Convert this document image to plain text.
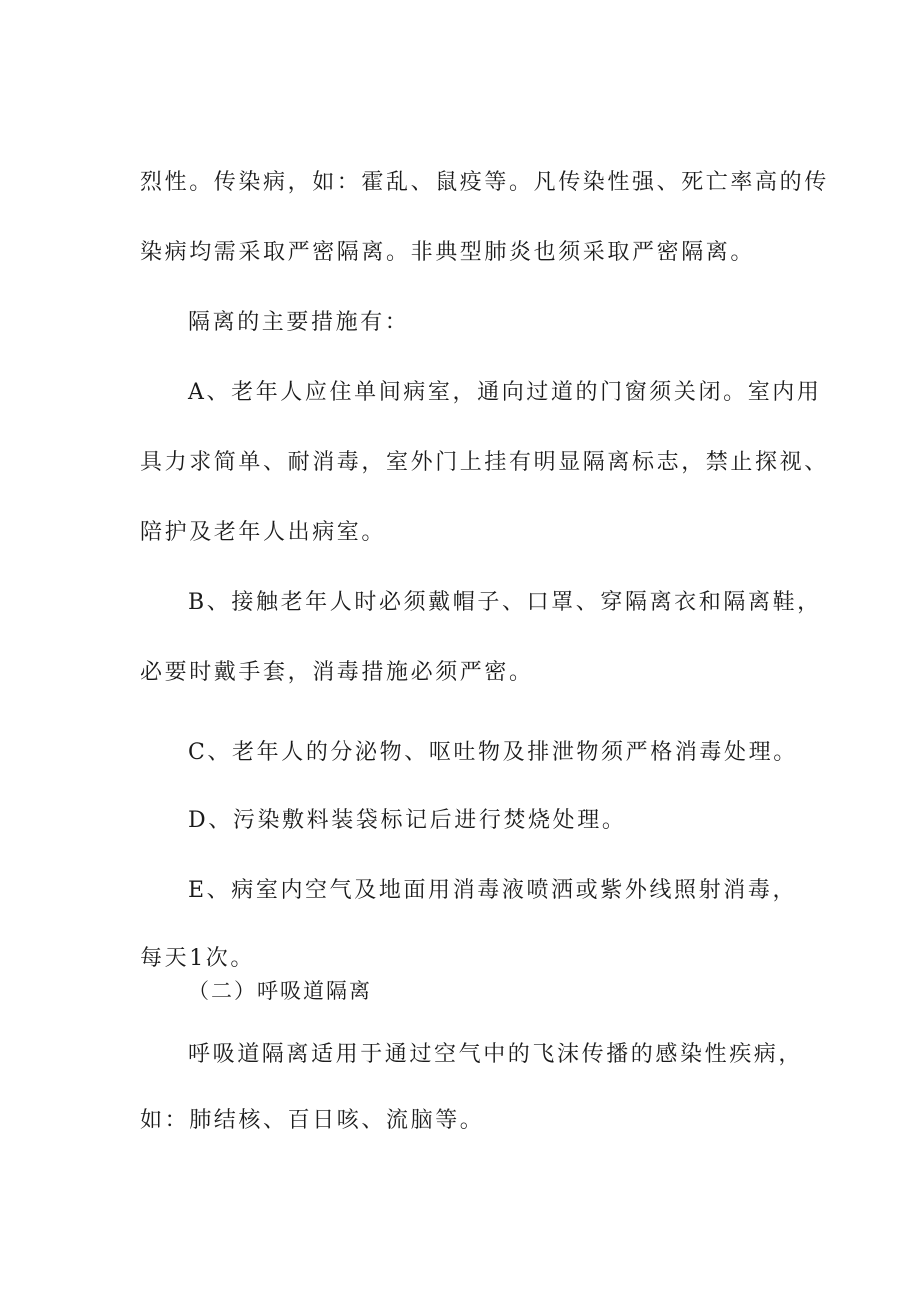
烈性。传染病，如：霍乱、鼠疫等。凡传染性强、死亡率高的传
染病均需采取严密隔离。非典型肺炎也须采取严密隔离。
隔离的主要措施有：
A、老年人应住单间病室，通向过道的门窗须关闭。室内用
具力求简单、耐消毒，室外门上挂有明显隔离标志，禁止探视、
陪护及老年人出病室。
B、接触老年人时必须戴帽子、口罩、穿隔离衣和隔离鞋，
必要时戴手套，消毒措施必须严密。
C、老年人的分泌物、呕吐物及排泄物须严格消毒处理。
D、污染敷料装袋标记后进行焚烧处理。
E、病室内空气及地面用消毒液喷洒或紫外线照射消毒，
每天1次。
（二）呼吸道隔离
呼吸道隔离适用于通过空气中的飞沫传播的感染性疾病，
如：肺结核、百日咳、流脑等。
